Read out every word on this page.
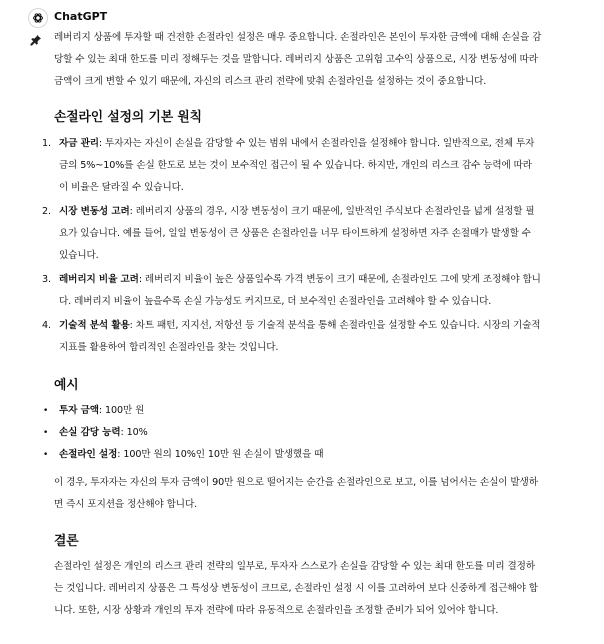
ChatGPT

레버리지 상품에 투자할 때 건전한 손절라인 설정은 매우 중요합니다. 손절라인은 본인이 투자한 금액에 대해 손실을 감당할 수 있는 최대 한도를 미리 정해두는 것을 말합니다. 레버리지 상품은 고위험 고수익 상품으로, 시장 변동성에 따라 금액이 크게 변할 수 있기 때문에, 자신의 리스크 관리 전략에 맞춰 손절라인을 설정하는 것이 중요합니다.

손절라인 설정의 기본 원칙
1. 자금 관리: 투자자는 자신이 손실을 감당할 수 있는 범위 내에서 손절라인을 설정해야 합니다. 일반적으로, 전체 투자금의 5%~10%를 손실 한도로 보는 것이 보수적인 접근이 될 수 있습니다. 하지만, 개인의 리스크 감수 능력에 따라 이 비율은 달라질 수 있습니다.
2. 시장 변동성 고려: 레버리지 상품의 경우, 시장 변동성이 크기 때문에, 일반적인 주식보다 손절라인을 넓게 설정할 필요가 있습니다. 예를 들어, 일일 변동성이 큰 상품은 손절라인을 너무 타이트하게 설정하면 자주 손절매가 발생할 수 있습니다.
3. 레버리지 비율 고려: 레버리지 비율이 높은 상품일수록 가격 변동이 크기 때문에, 손절라인도 그에 맞게 조정해야 합니다. 레버리지 비율이 높을수록 손실 가능성도 커지므로, 더 보수적인 손절라인을 고려해야 할 수 있습니다.
4. 기술적 분석 활용: 차트 패턴, 지지선, 저항선 등 기술적 분석을 통해 손절라인을 설정할 수도 있습니다. 시장의 기술적 지표를 활용하여 합리적인 손절라인을 찾는 것입니다.
예시
• 투자 금액: 100만 원
• 손실 감당 능력: 10%
• 손절라인 설정: 100만 원의 10%인 10만 원 손실이 발생했을 때

이 경우, 투자자는 자신의 투자 금액이 90만 원으로 떨어지는 순간을 손절라인으로 보고, 이를 넘어서는 손실이 발생하면 즉시 포지션을 정산해야 합니다.

결론

손절라인 설정은 개인의 리스크 관리 전략의 일부로, 투자자 스스로가 손실을 감당할 수 있는 최대 한도를 미리 결정하는 것입니다. 레버리지 상품은 그 특성상 변동성이 크므로, 손절라인 설정 시 이를 고려하여 보다 신중하게 접근해야 합니다. 또한, 시장 상황과 개인의 투자 전략에 따라 유동적으로 손절라인을 조정할 준비가 되어 있어야 합니다.
